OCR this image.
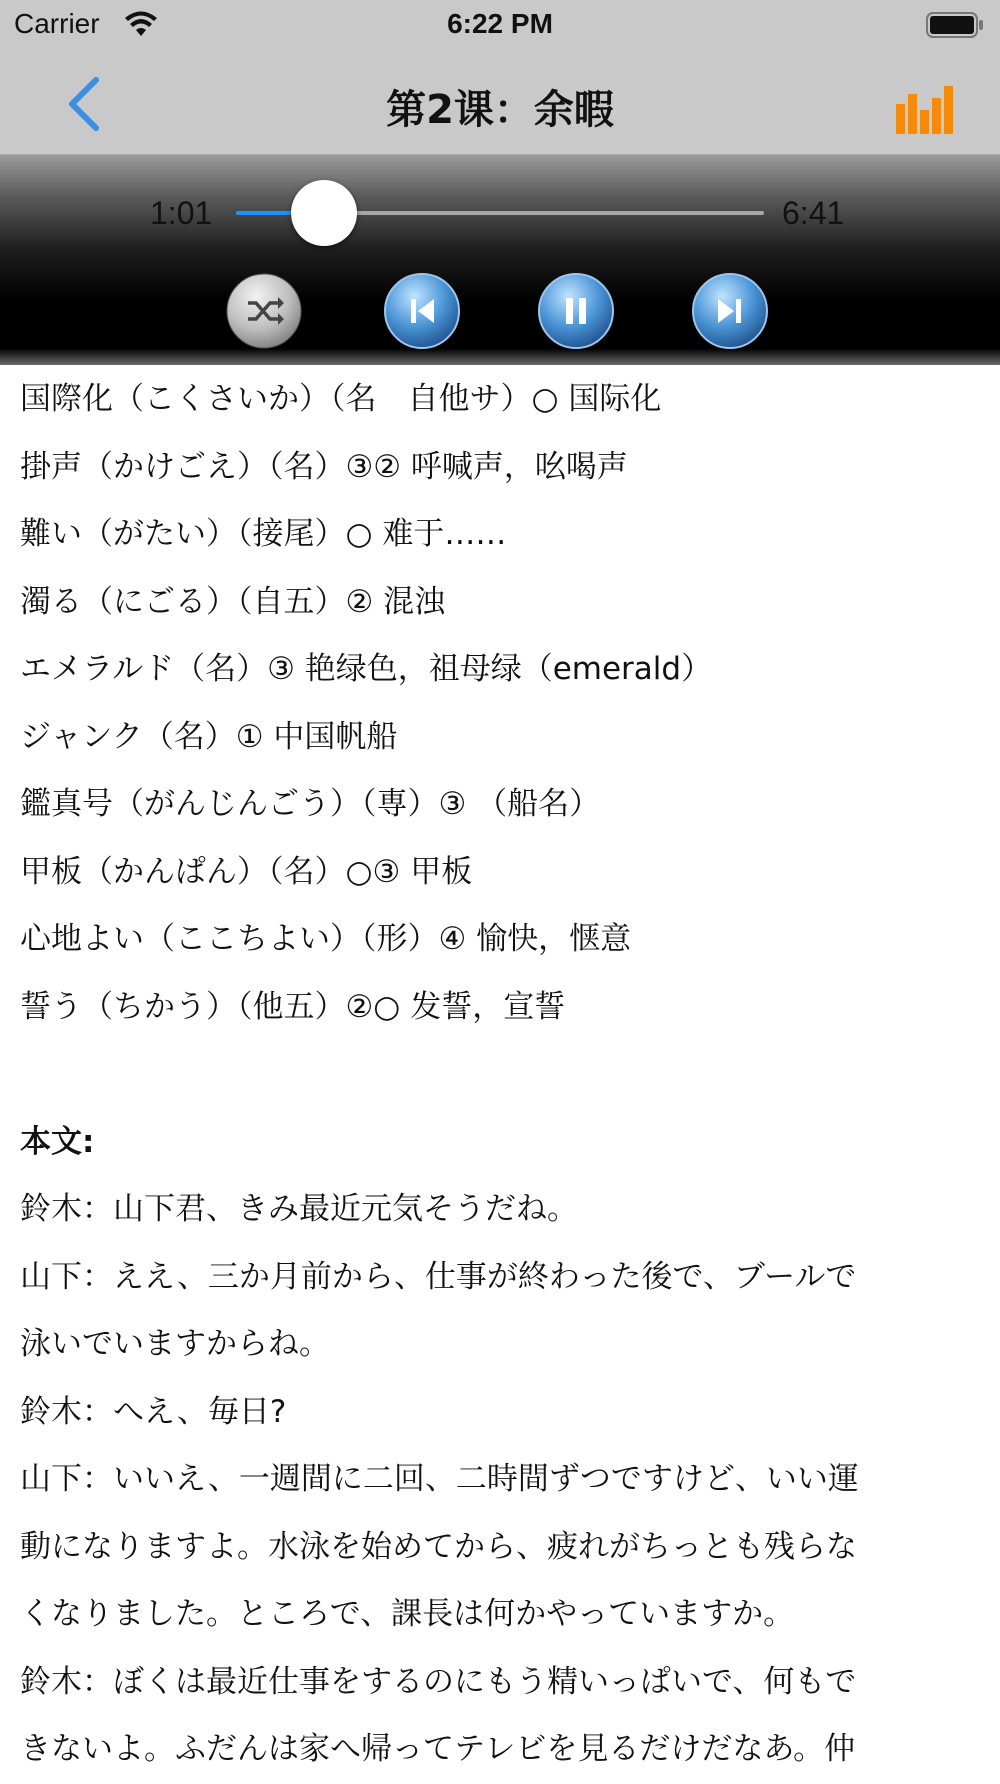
Carrier	6:22 PM
第2课：余暇
1:01	6:41

国際化（こくさいか）（名　自他サ）○ 国际化

掛声（かけごえ）（名）③② 呼喊声，吆喝声

難い（がたい）（接尾）○ 难于……

濁る（にごる）（自五）② 混浊

エメラルド（名）③ 艳绿色，祖母绿（emerald）

ジャンク（名）① 中国帆船

鑑真号（がんじんごう）（専）③ （船名）

甲板（かんぱん）（名）○③ 甲板

心地よい（ここちよい）（形）④ 愉快，惬意

誓う（ちかう）（他五）②○ 发誓，宣誓

本文:

鈴木：山下君、きみ最近元気そうだね。

山下：ええ、三か月前から、仕事が終わった後で、ブールで

泳いでいますからね。

鈴木：へえ、毎日?

山下：いいえ、一週間に二回、二時間ずつですけど、いい運

動になりますよ。水泳を始めてから、疲れがちっとも残らな

くなりました。ところで、課長は何かやっていますか。

鈴木：ぼくは最近仕事をするのにもう精いっぱいで、何もで

きないよ。ふだんは家へ帰ってテレビを見るだけだなあ。仲
